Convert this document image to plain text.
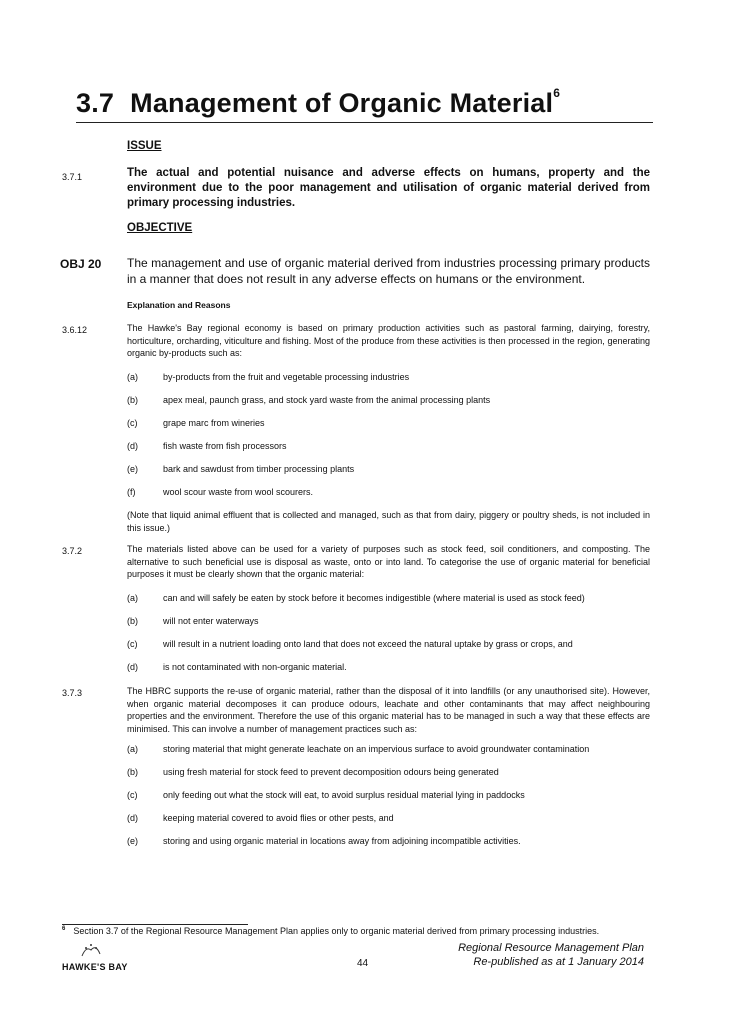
3.7 Management of Organic Material$^6$
ISSUE
3.7.1	The actual and potential nuisance and adverse effects on humans, property and the environment due to the poor management and utilisation of organic material derived from primary processing industries.
OBJECTIVE
OBJ 20 The management and use of organic material derived from industries processing primary products in a manner that does not result in any adverse effects on humans or the environment.
Explanation and Reasons
3.6.12	The Hawke's Bay regional economy is based on primary production activities such as pastoral farming, dairying, forestry, horticulture, orcharding, viticulture and fishing. Most of the produce from these activities is then processed in the region, generating organic by-products such as:
(a)	by-products from the fruit and vegetable processing industries
(b)	apex meal, paunch grass, and stock yard waste from the animal processing plants
(c)	grape marc from wineries
(d)	fish waste from fish processors
(e)	bark and sawdust from timber processing plants
(f)	wool scour waste from wool scourers.
(Note that liquid animal effluent that is collected and managed, such as that from dairy, piggery or poultry sheds, is not included in this issue.)
3.7.2	The materials listed above can be used for a variety of purposes such as stock feed, soil conditioners, and composting. The alternative to such beneficial use is disposal as waste, onto or into land. To categorise the use of organic material for beneficial purposes it must be clearly shown that the organic material:
(a)	can and will safely be eaten by stock before it becomes indigestible (where material is used as stock feed)
(b)	will not enter waterways
(c)	will result in a nutrient loading onto land that does not exceed the natural uptake by grass or crops, and
(d)	is not contaminated with non-organic material.
3.7.3	The HBRC supports the re-use of organic material, rather than the disposal of it into landfills (or any unauthorised site). However, when organic material decomposes it can produce odours, leachate and other contaminants that may affect neighbouring properties and the environment. Therefore the use of this organic material has to be managed in such a way that these effects are minimised. This can involve a number of management practices such as:
(a)	storing material that might generate leachate on an impervious surface to avoid groundwater contamination
(b)	using fresh material for stock feed to prevent decomposition odours being generated
(c)	only feeding out what the stock will eat, to avoid surplus residual material lying in paddocks
(d)	keeping material covered to avoid flies or other pests, and
(e)	storing and using organic material in locations away from adjoining incompatible activities.
$^6$ Section 3.7 of the Regional Resource Management Plan applies only to organic material derived from primary processing industries.
HAWKE'S BAY	44
Regional Resource Management Plan
Re-published as at 1 January 2014
